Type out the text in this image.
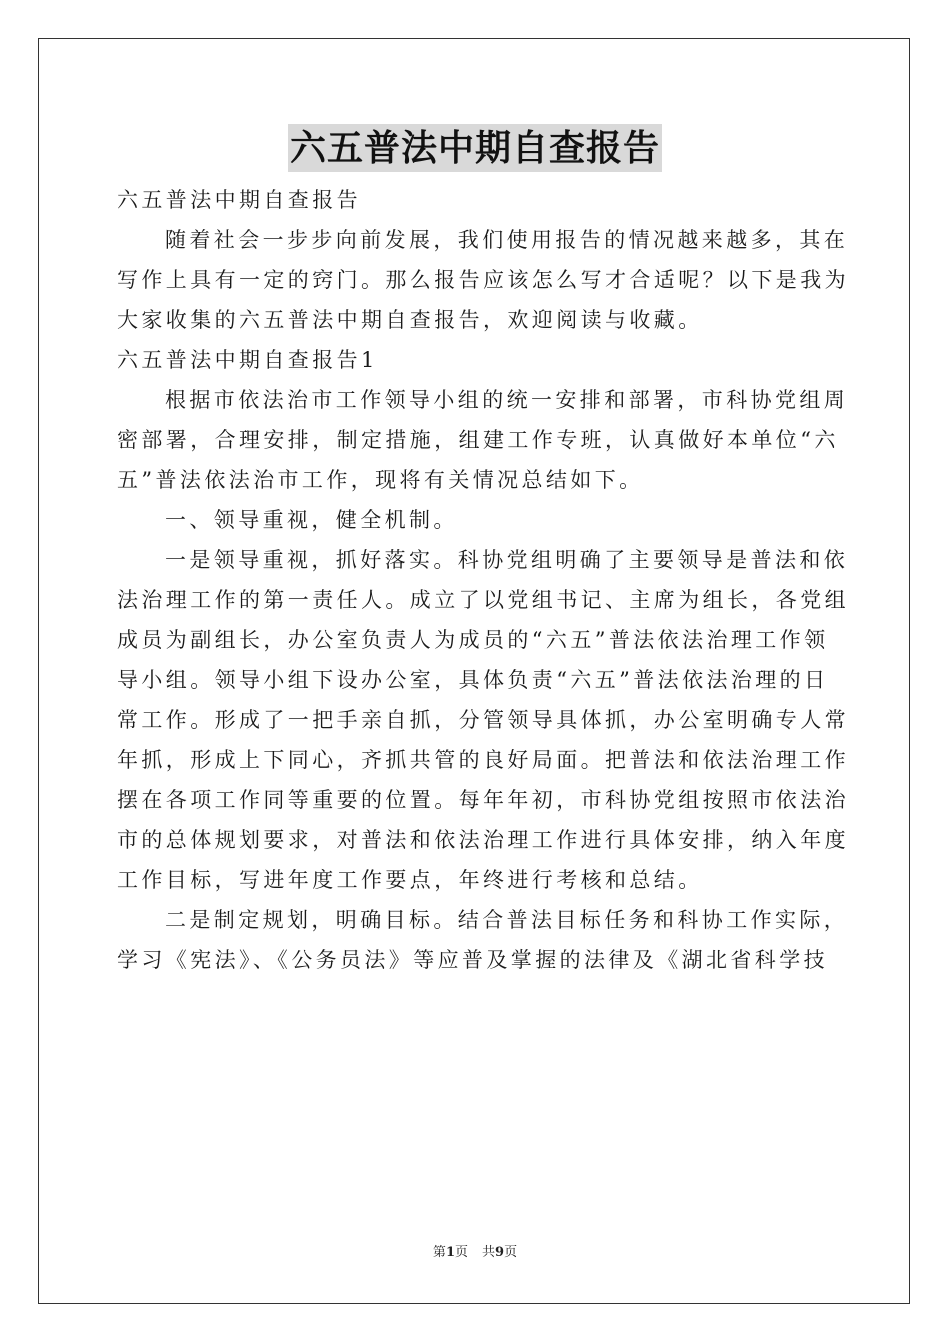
六五普法中期自查报告
六五普法中期自查报告
随着社会一步步向前发展，我们使用报告的情况越来越多，其在
写作上具有一定的窍门。那么报告应该怎么写才合适呢？以下是我为
大家收集的六五普法中期自查报告，欢迎阅读与收藏。
六五普法中期自查报告1
根据市依法治市工作领导小组的统一安排和部署，市科协党组周
密部署，合理安排，制定措施，组建工作专班，认真做好本单位“六
五”普法依法治市工作，现将有关情况总结如下。
一、领导重视，健全机制。
一是领导重视，抓好落实。科协党组明确了主要领导是普法和依
法治理工作的第一责任人。成立了以党组书记、主席为组长，各党组
成员为副组长，办公室负责人为成员的“六五”普法依法治理工作领
导小组。领导小组下设办公室，具体负责“六五”普法依法治理的日
常工作。形成了一把手亲自抓，分管领导具体抓，办公室明确专人常
年抓，形成上下同心，齐抓共管的良好局面。把普法和依法治理工作
摆在各项工作同等重要的位置。每年年初，市科协党组按照市依法治
市的总体规划要求，对普法和依法治理工作进行具体安排，纳入年度
工作目标，写进年度工作要点，年终进行考核和总结。
二是制定规划，明确目标。结合普法目标任务和科协工作实际，
学习《宪法》、《公务员法》等应普及掌握的法律及《湖北省科学技
第1页 共9页
